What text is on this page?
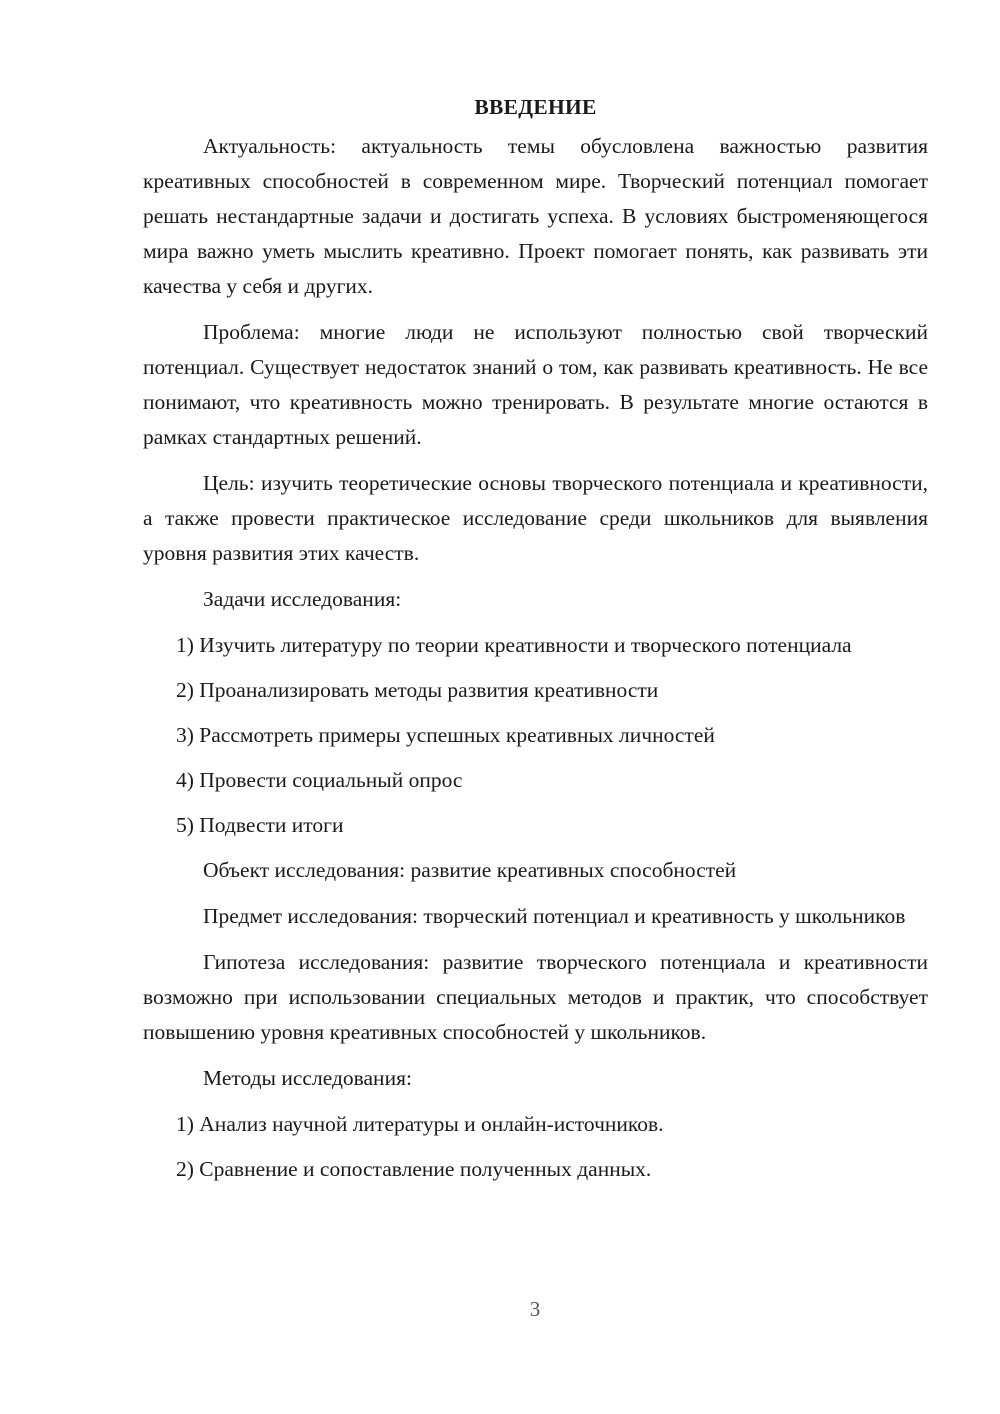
ВВЕДЕНИЕ

Актуальность: актуальность темы обусловлена важностью развития креативных способностей в современном мире. Творческий потенциал помогает решать нестандартные задачи и достигать успеха. В условиях быстроменяющегося мира важно уметь мыслить креативно. Проект помогает понять, как развивать эти качества у себя и других.

Проблема: многие люди не используют полностью свой творческий потенциал. Существует недостаток знаний о том, как развивать креативность. Не все понимают, что креативность можно тренировать. В результате многие остаются в рамках стандартных решений.

Цель: изучить теоретические основы творческого потенциала и креативности, а также провести практическое исследование среди школьников для выявления уровня развития этих качеств.

Задачи исследования:

1) Изучить литературу по теории креативности и творческого потенциала

2) Проанализировать методы развития креативности

3) Рассмотреть примеры успешных креативных личностей

4) Провести социальный опрос

5) Подвести итоги

Объект исследования: развитие креативных способностей

Предмет исследования: творческий потенциал и креативность у школьников

Гипотеза исследования: развитие творческого потенциала и креативности возможно при использовании специальных методов и практик, что способствует повышению уровня креативных способностей у школьников.

Методы исследования:

1) Анализ научной литературы и онлайн-источников.

2) Сравнение и сопоставление полученных данных.

3
